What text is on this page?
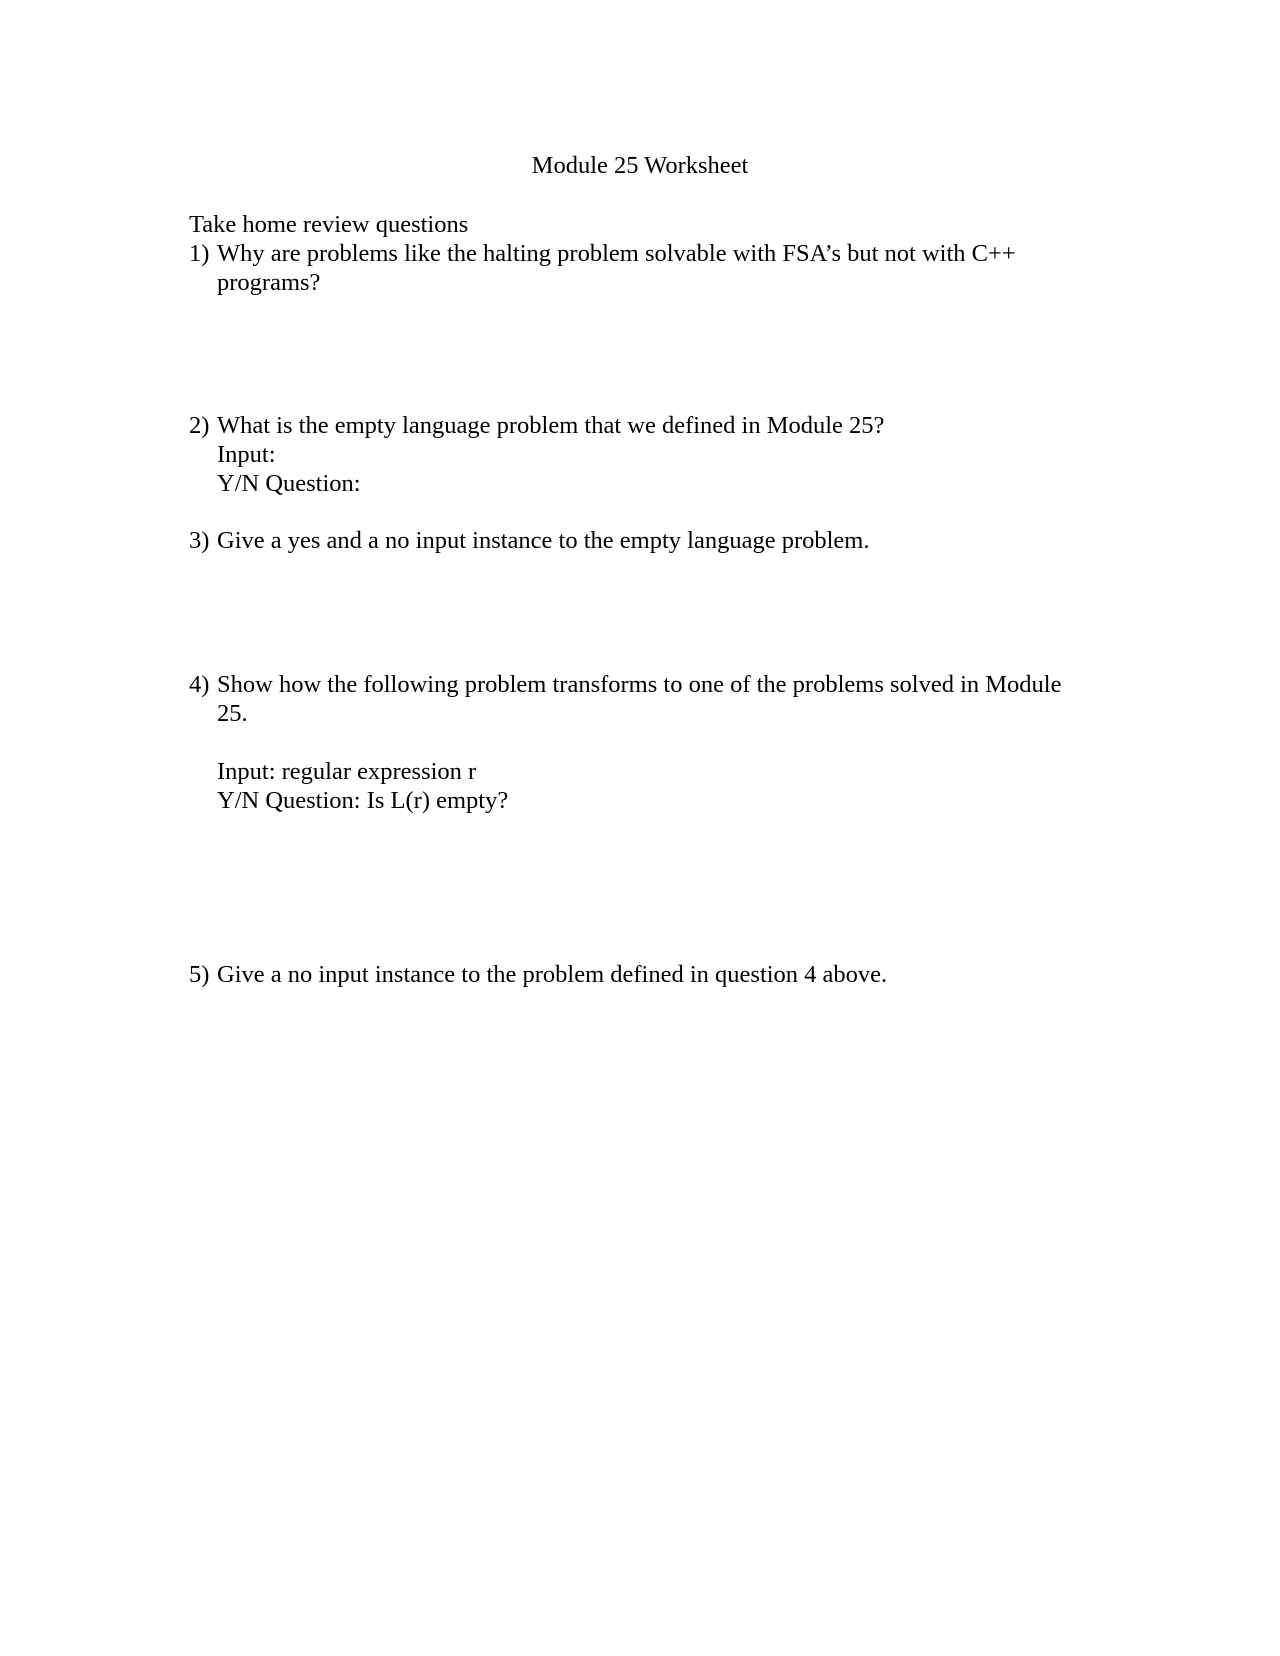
Module 25 Worksheet
Take home review questions
1) Why are problems like the halting problem solvable with FSA’s but not with C++
programs?
2) What is the empty language problem that we defined in Module 25?
Input:
Y/N Question:
3) Give a yes and a no input instance to the empty language problem.
4) Show how the following problem transforms to one of the problems solved in Module
25.
Input: regular expression r
Y/N Question: Is L(r) empty?
5) Give a no input instance to the problem defined in question 4 above.
